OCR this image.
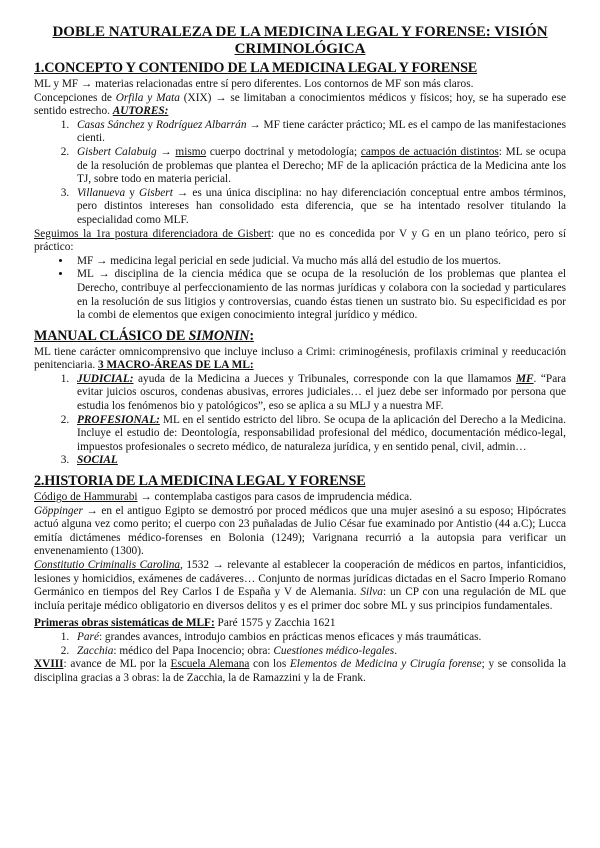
DOBLE NATURALEZA DE LA MEDICINA LEGAL Y FORENSE: VISIÓN
CRIMINOLÓGICA
1.CONCEPTO Y CONTENIDO DE LA MEDICINA LEGAL Y FORENSE

ML y MF → materias relacionadas entre sí pero diferentes. Los contornos de MF son más claros.

Concepciones de Orfila y Mata (XIX) → se limitaban a conocimientos médicos y físicos; hoy, se ha superado ese sentido estrecho. AUTORES:

1. Casas Sánchez y Rodríguez Albarrán → MF tiene carácter práctico; ML es el campo de las manifestaciones cienti.
2. Gisbert Calabuig → mismo cuerpo doctrinal y metodología; campos de actuación distintos: ML se ocupa de la resolución de problemas que plantea el Derecho; MF de la aplicación práctica de la Medicina ante los TJ, sobre todo en materia pericial.
3. Villanueva y Gisbert → es una única disciplina: no hay diferenciación conceptual entre ambos términos, pero distintos intereses han consolidado esta diferencia, que se ha intentado resolver titulando la especialidad como MLF.

Seguimos la 1ra postura diferenciadora de Gisbert: que no es concedida por V y G en un plano teórico, pero sí práctico:

• MF → medicina legal pericial en sede judicial. Va mucho más allá del estudio de los muertos.
• ML → disciplina de la ciencia médica que se ocupa de la resolución de los problemas que plantea el Derecho, contribuye al perfeccionamiento de las normas jurídicas y colabora con la sociedad y particulares en la resolución de sus litigios y controversias, cuando éstas tienen un sustrato bio. Su especificidad es por la combi de elementos que exigen conocimiento integral jurídico y médico.
MANUAL CLÁSICO DE SIMONIN:

ML tiene carácter omnicomprensivo que incluye incluso a Crimi: criminogénesis, profilaxis criminal y reeducación penitenciaria. 3 MACRO-ÁREAS DE LA ML:

1. JUDICIAL: ayuda de la Medicina a Jueces y Tribunales, corresponde con la que llamamos MF. “Para evitar juicios oscuros, condenas abusivas, errores judiciales… el juez debe ser informado por persona que estudia los fenómenos bio y patológicos”, eso se aplica a su MLJ y a nuestra MF.
2. PROFESIONAL: ML en el sentido estricto del libro. Se ocupa de la aplicación del Derecho a la Medicina. Incluye el estudio de: Deontología, responsabilidad profesional del médico, documentación médico-legal, impuestos profesionales o secreto médico, de naturaleza jurídica, y en sentido penal, civil, admin…
3. SOCIAL
2.HISTORIA DE LA MEDICINA LEGAL Y FORENSE

Código de Hammurabi → contemplaba castigos para casos de imprudencia médica.

Göppinger → en el antiguo Egipto se demostró por proced médicos que una mujer asesinó a su esposo; Hipócrates actuó alguna vez como perito; el cuerpo con 23 puñaladas de Julio César fue examinado por Antistio (44 a.C); Lucca emitía dictámenes médico-forenses en Bolonia (1249); Varignana recurrió a la autopsia para verificar un envenenamiento (1300).

Constitutio Criminalis Carolina, 1532 → relevante al establecer la cooperación de médicos en partos, infanticidios, lesiones y homicidios, exámenes de cadáveres… Conjunto de normas jurídicas dictadas en el Sacro Imperio Romano Germánico en tiempos del Rey Carlos I de España y V de Alemania. Silva: un CP con una regulación de ML que incluía peritaje médico obligatorio en diversos delitos y es el primer doc sobre ML y sus principios fundamentales.

Primeras obras sistemáticas de MLF: Paré 1575 y Zacchia 1621

1. Paré: grandes avances, introdujo cambios en prácticas menos eficaces y más traumáticas.
2. Zacchia: médico del Papa Inocencio; obra: Cuestiones médico-legales.

XVIII: avance de ML por la Escuela Alemana con los Elementos de Medicina y Cirugía forense; y se consolida la disciplina gracias a 3 obras: la de Zacchia, la de Ramazzini y la de Frank.
